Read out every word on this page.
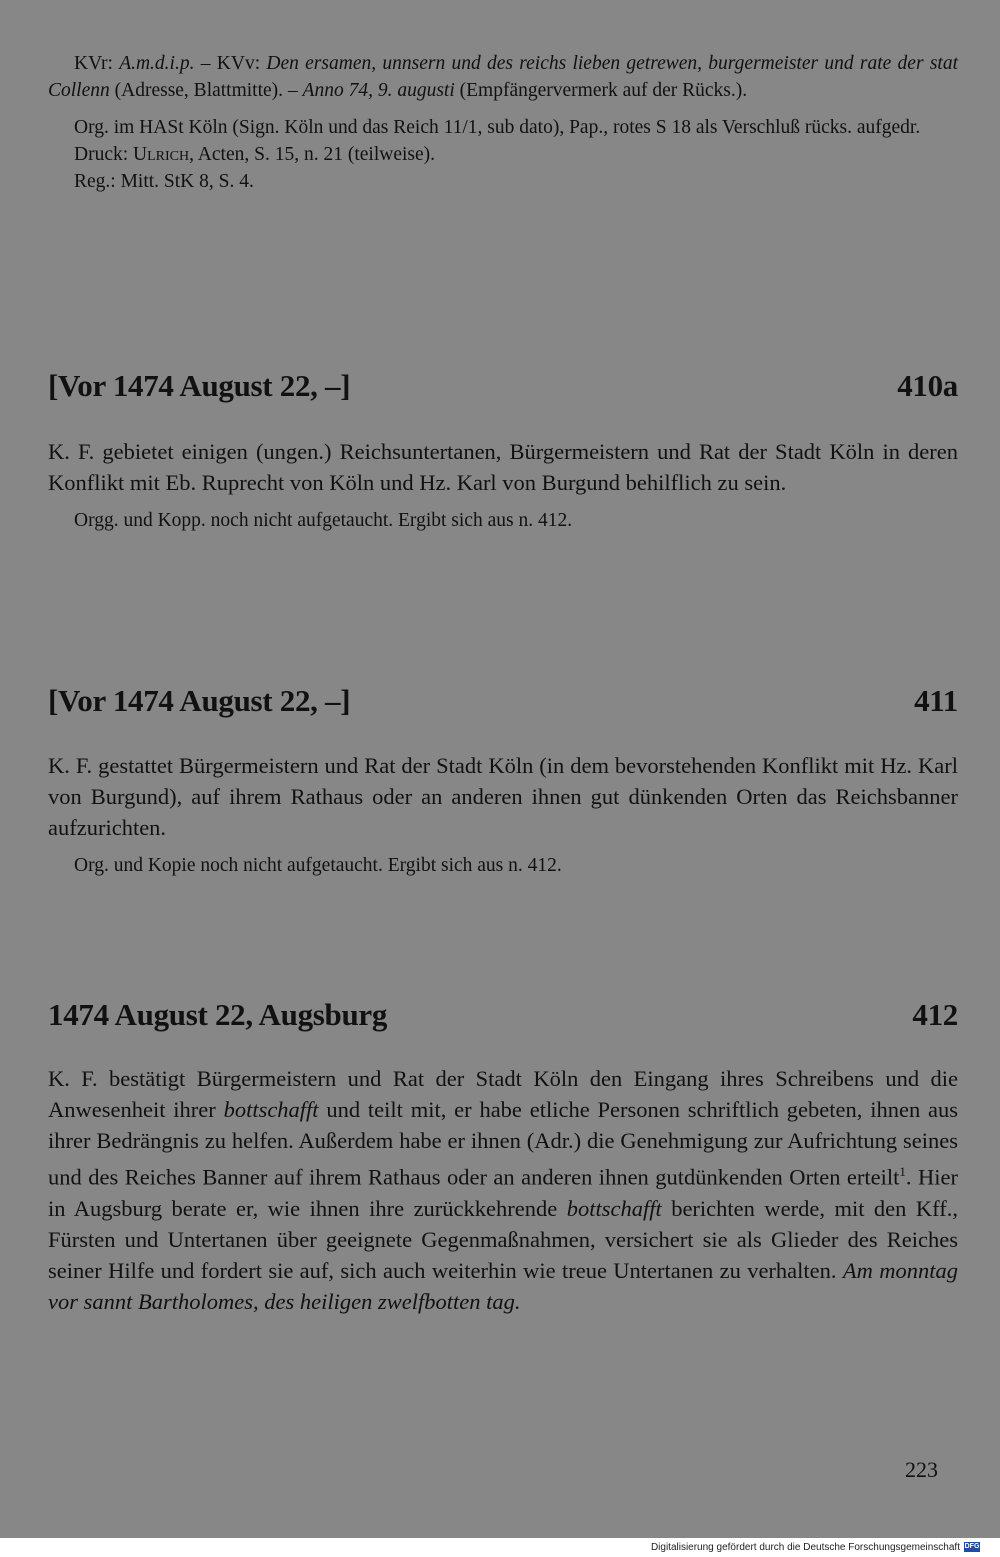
KVr: A.m.d.i.p. – KVv: Den ersamen, unnsern und des reichs lieben getrewen, burgermeister und rate der stat Collenn (Adresse, Blattmitte). – Anno 74, 9. augusti (Empfängervermerk auf der Rücks.).

Org. im HASt Köln (Sign. Köln und das Reich 11/1, sub dato), Pap., rotes S 18 als Verschluß rücks. aufgedr.

Druck: Ulrich, Acten, S. 15, n. 21 (teilweise).

Reg.: Mitt. StK 8, S. 4.

[Vor 1474 August 22, –]	410a

K. F. gebietet einigen (ungen.) Reichsuntertanen, Bürgermeistern und Rat der Stadt Köln in deren Konflikt mit Eb. Ruprecht von Köln und Hz. Karl von Burgund behilflich zu sein.

Orgg. und Kopp. noch nicht aufgetaucht. Ergibt sich aus n. 412.

[Vor 1474 August 22, –]	411

K. F. gestattet Bürgermeistern und Rat der Stadt Köln (in dem bevorstehenden Konflikt mit Hz. Karl von Burgund), auf ihrem Rathaus oder an anderen ihnen gut dünkenden Orten das Reichsbanner aufzurichten.

Org. und Kopie noch nicht aufgetaucht. Ergibt sich aus n. 412.

1474 August 22, Augsburg	412

K. F. bestätigt Bürgermeistern und Rat der Stadt Köln den Eingang ihres Schreibens und die Anwesenheit ihrer bottschafft und teilt mit, er habe etliche Personen schriftlich gebeten, ihnen aus ihrer Bedrängnis zu helfen. Außerdem habe er ihnen (Adr.) die Genehmigung zur Aufrichtung seines und des Reiches Banner auf ihrem Rathaus oder an anderen ihnen gutdünkenden Orten erteilt$^1$. Hier in Augsburg berate er, wie ihnen ihre zurückkehrende bottschafft berichten werde, mit den Kff., Fürsten und Untertanen über geeignete Gegenmaßnahmen, versichert sie als Glieder des Reiches seiner Hilfe und fordert sie auf, sich auch weiterhin wie treue Untertanen zu verhalten. Am monntag vor sannt Bartholomes, des heiligen zwelfbotten tag.

223
Digitalisierung gefördert durch die Deutsche Forschungsgemeinschaft DFG
